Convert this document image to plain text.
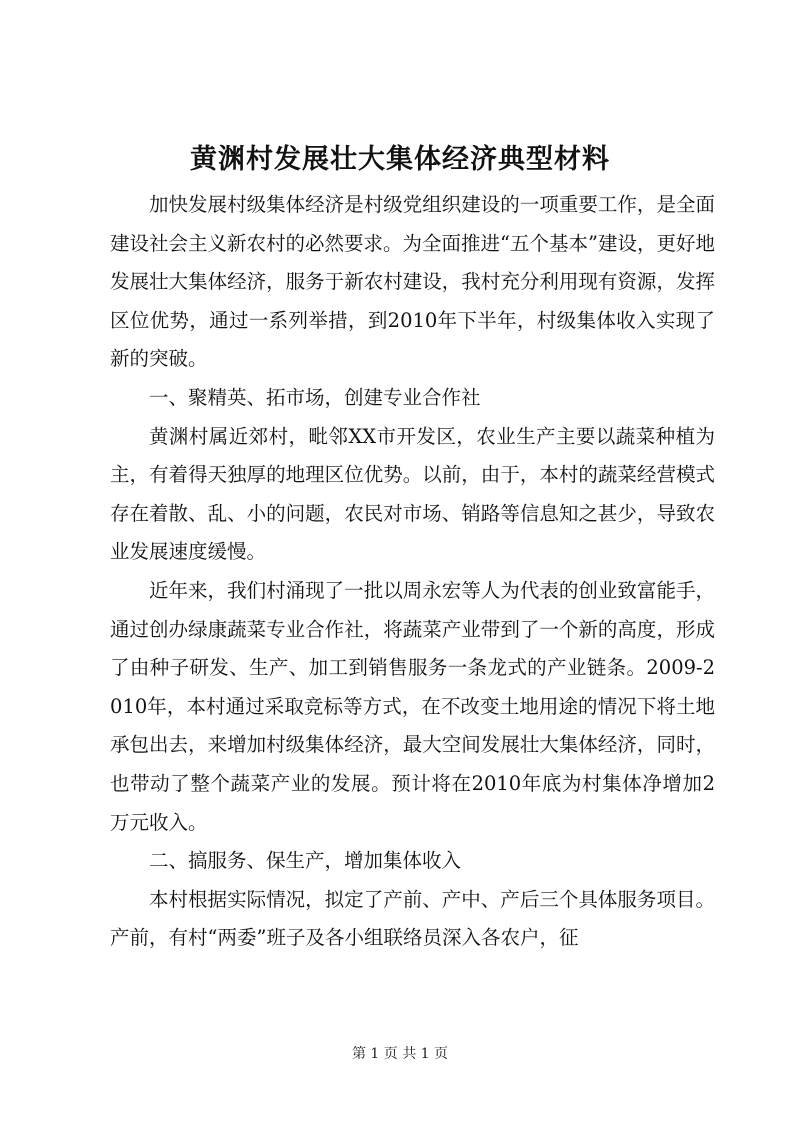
黄渊村发展壮大集体经济典型材料

加快发展村级集体经济是村级党组织建设的一项重要工作，是全面建设社会主义新农村的必然要求。为全面推进“五个基本”建设，更好地发展壮大集体经济，服务于新农村建设，我村充分利用现有资源，发挥区位优势，通过一系列举措，到2010年下半年，村级集体收入实现了新的突破。

一、聚精英、拓市场，创建专业合作社

黄渊村属近郊村，毗邻XX市开发区，农业生产主要以蔬菜种植为主，有着得天独厚的地理区位优势。以前，由于，本村的蔬菜经营模式存在着散、乱、小的问题，农民对市场、销路等信息知之甚少，导致农业发展速度缓慢。

近年来，我们村涌现了一批以周永宏等人为代表的创业致富能手，通过创办绿康蔬菜专业合作社，将蔬菜产业带到了一个新的高度，形成了由种子研发、生产、加工到销售服务一条龙式的产业链条。2009-2010年，本村通过采取竞标等方式，在不改变土地用途的情况下将土地承包出去，来增加村级集体经济，最大空间发展壮大集体经济，同时，也带动了整个蔬菜产业的发展。预计将在2010年底为村集体净增加2万元收入。

二、搞服务、保生产，增加集体收入

本村根据实际情况，拟定了产前、产中、产后三个具体服务项目。产前，有村“两委”班子及各小组联络员深入各农户，征

第 1 页 共 1 页
